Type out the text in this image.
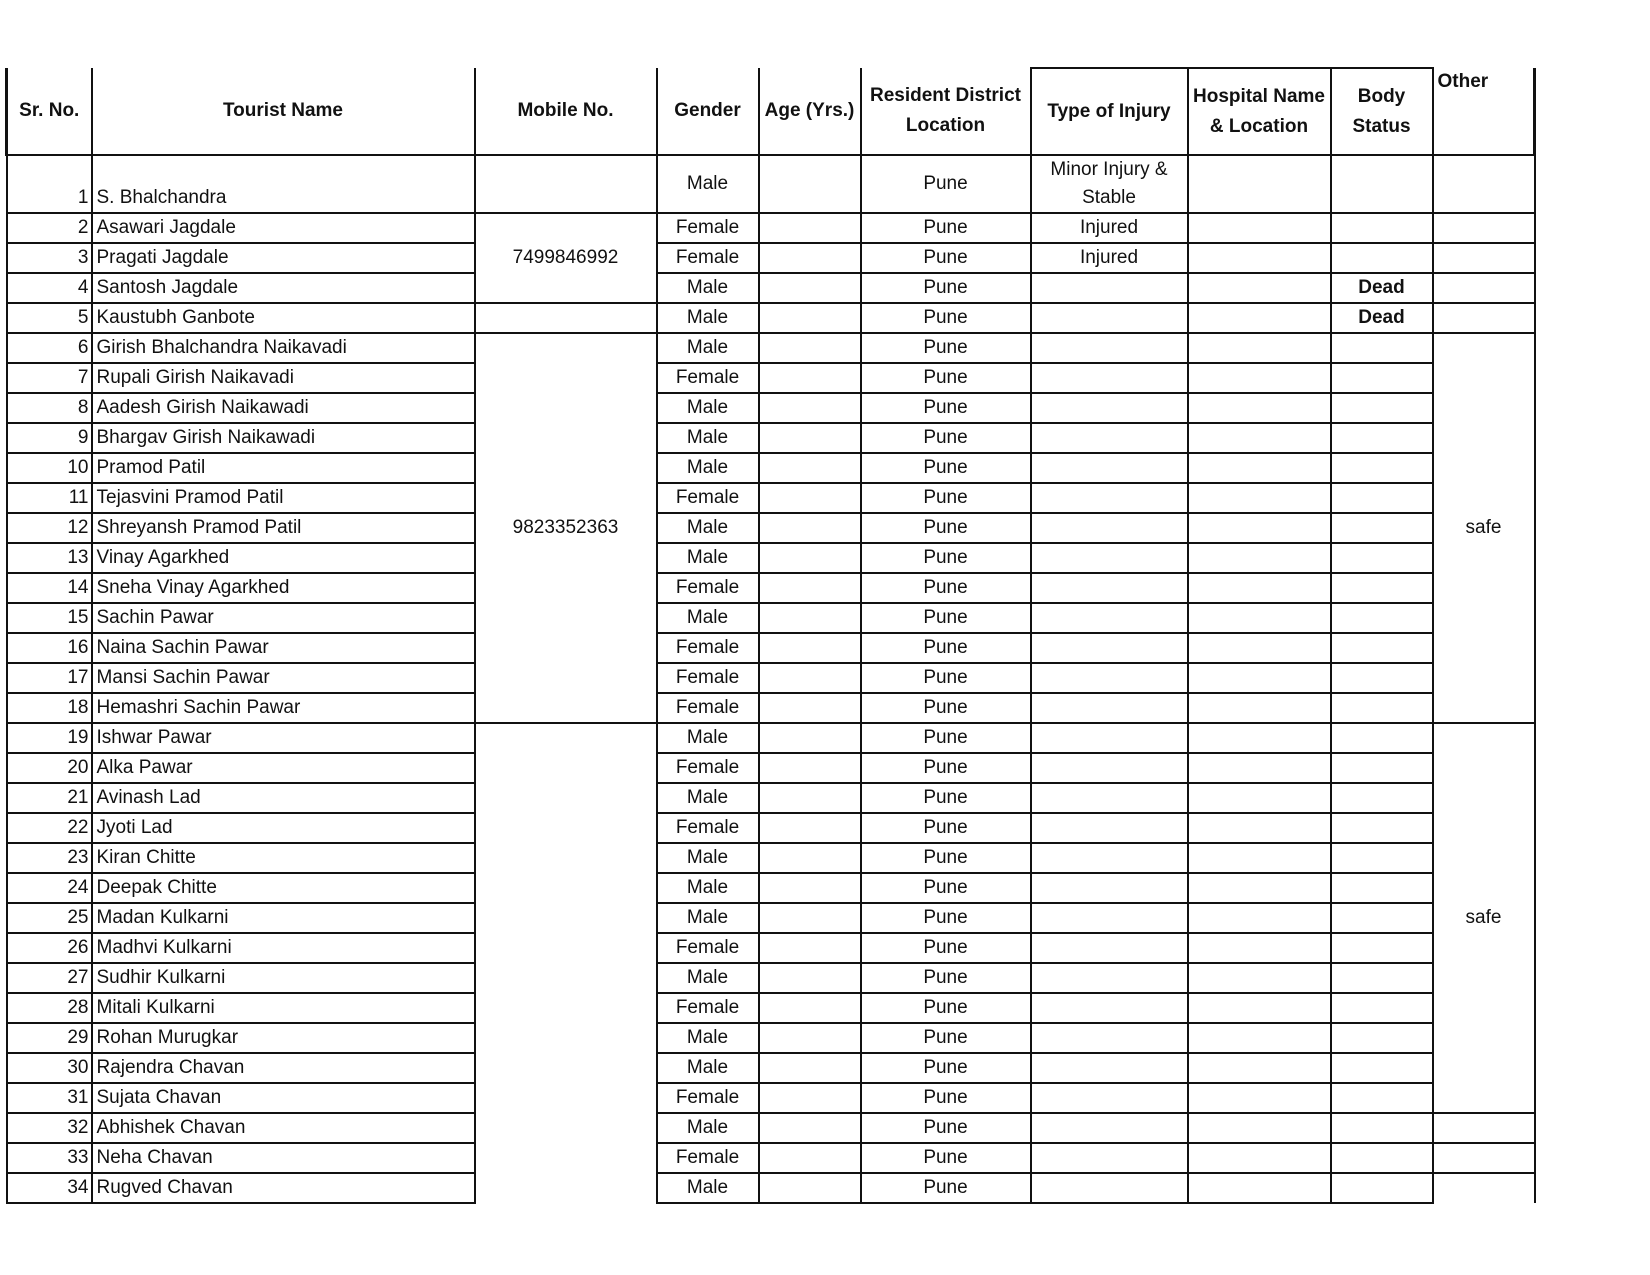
Sr. No.	Tourist Name	Mobile No.	Gender	Age (Yrs.)	Resident District Location	Type of Injury	Hospital Name & Location	Body Status	Other
1	S. Bhalchandra		Male		Pune	Minor Injury & Stable			
2	Asawari Jagdale	7499846992	Female		Pune	Injured			
3	Pragati Jagdale		Female		Pune	Injured			
4	Santosh Jagdale		Male		Pune			Dead	
5	Kaustubh Ganbote		Male		Pune			Dead	
6	Girish Bhalchandra Naikavadi	9823352363	Male		Pune				safe
7	Rupali Girish Naikavadi		Female		Pune				
8	Aadesh Girish Naikawadi		Male		Pune				
9	Bhargav Girish Naikawadi		Male		Pune				
10	Pramod Patil		Male		Pune				
11	Tejasvini Pramod Patil		Female		Pune				
12	Shreyansh Pramod Patil		Male		Pune				
13	Vinay Agarkhed		Male		Pune				
14	Sneha Vinay Agarkhed		Female		Pune				
15	Sachin Pawar		Male		Pune				
16	Naina Sachin Pawar		Female		Pune				
17	Mansi Sachin Pawar		Female		Pune				
18	Hemashri Sachin Pawar		Female		Pune				
19	Ishwar Pawar		Male		Pune				safe
20	Alka Pawar		Female		Pune				
21	Avinash Lad		Male		Pune				
22	Jyoti Lad		Female		Pune				
23	Kiran Chitte		Male		Pune				
24	Deepak Chitte		Male		Pune				
25	Madan Kulkarni		Male		Pune				
26	Madhvi Kulkarni		Female		Pune				
27	Sudhir Kulkarni		Male		Pune				
28	Mitali Kulkarni		Female		Pune				
29	Rohan Murugkar		Male		Pune				
30	Rajendra Chavan		Male		Pune				
31	Sujata Chavan		Female		Pune				
32	Abhishek Chavan		Male		Pune				
33	Neha Chavan		Female		Pune				
34	Rugved Chavan		Male		Pune				
